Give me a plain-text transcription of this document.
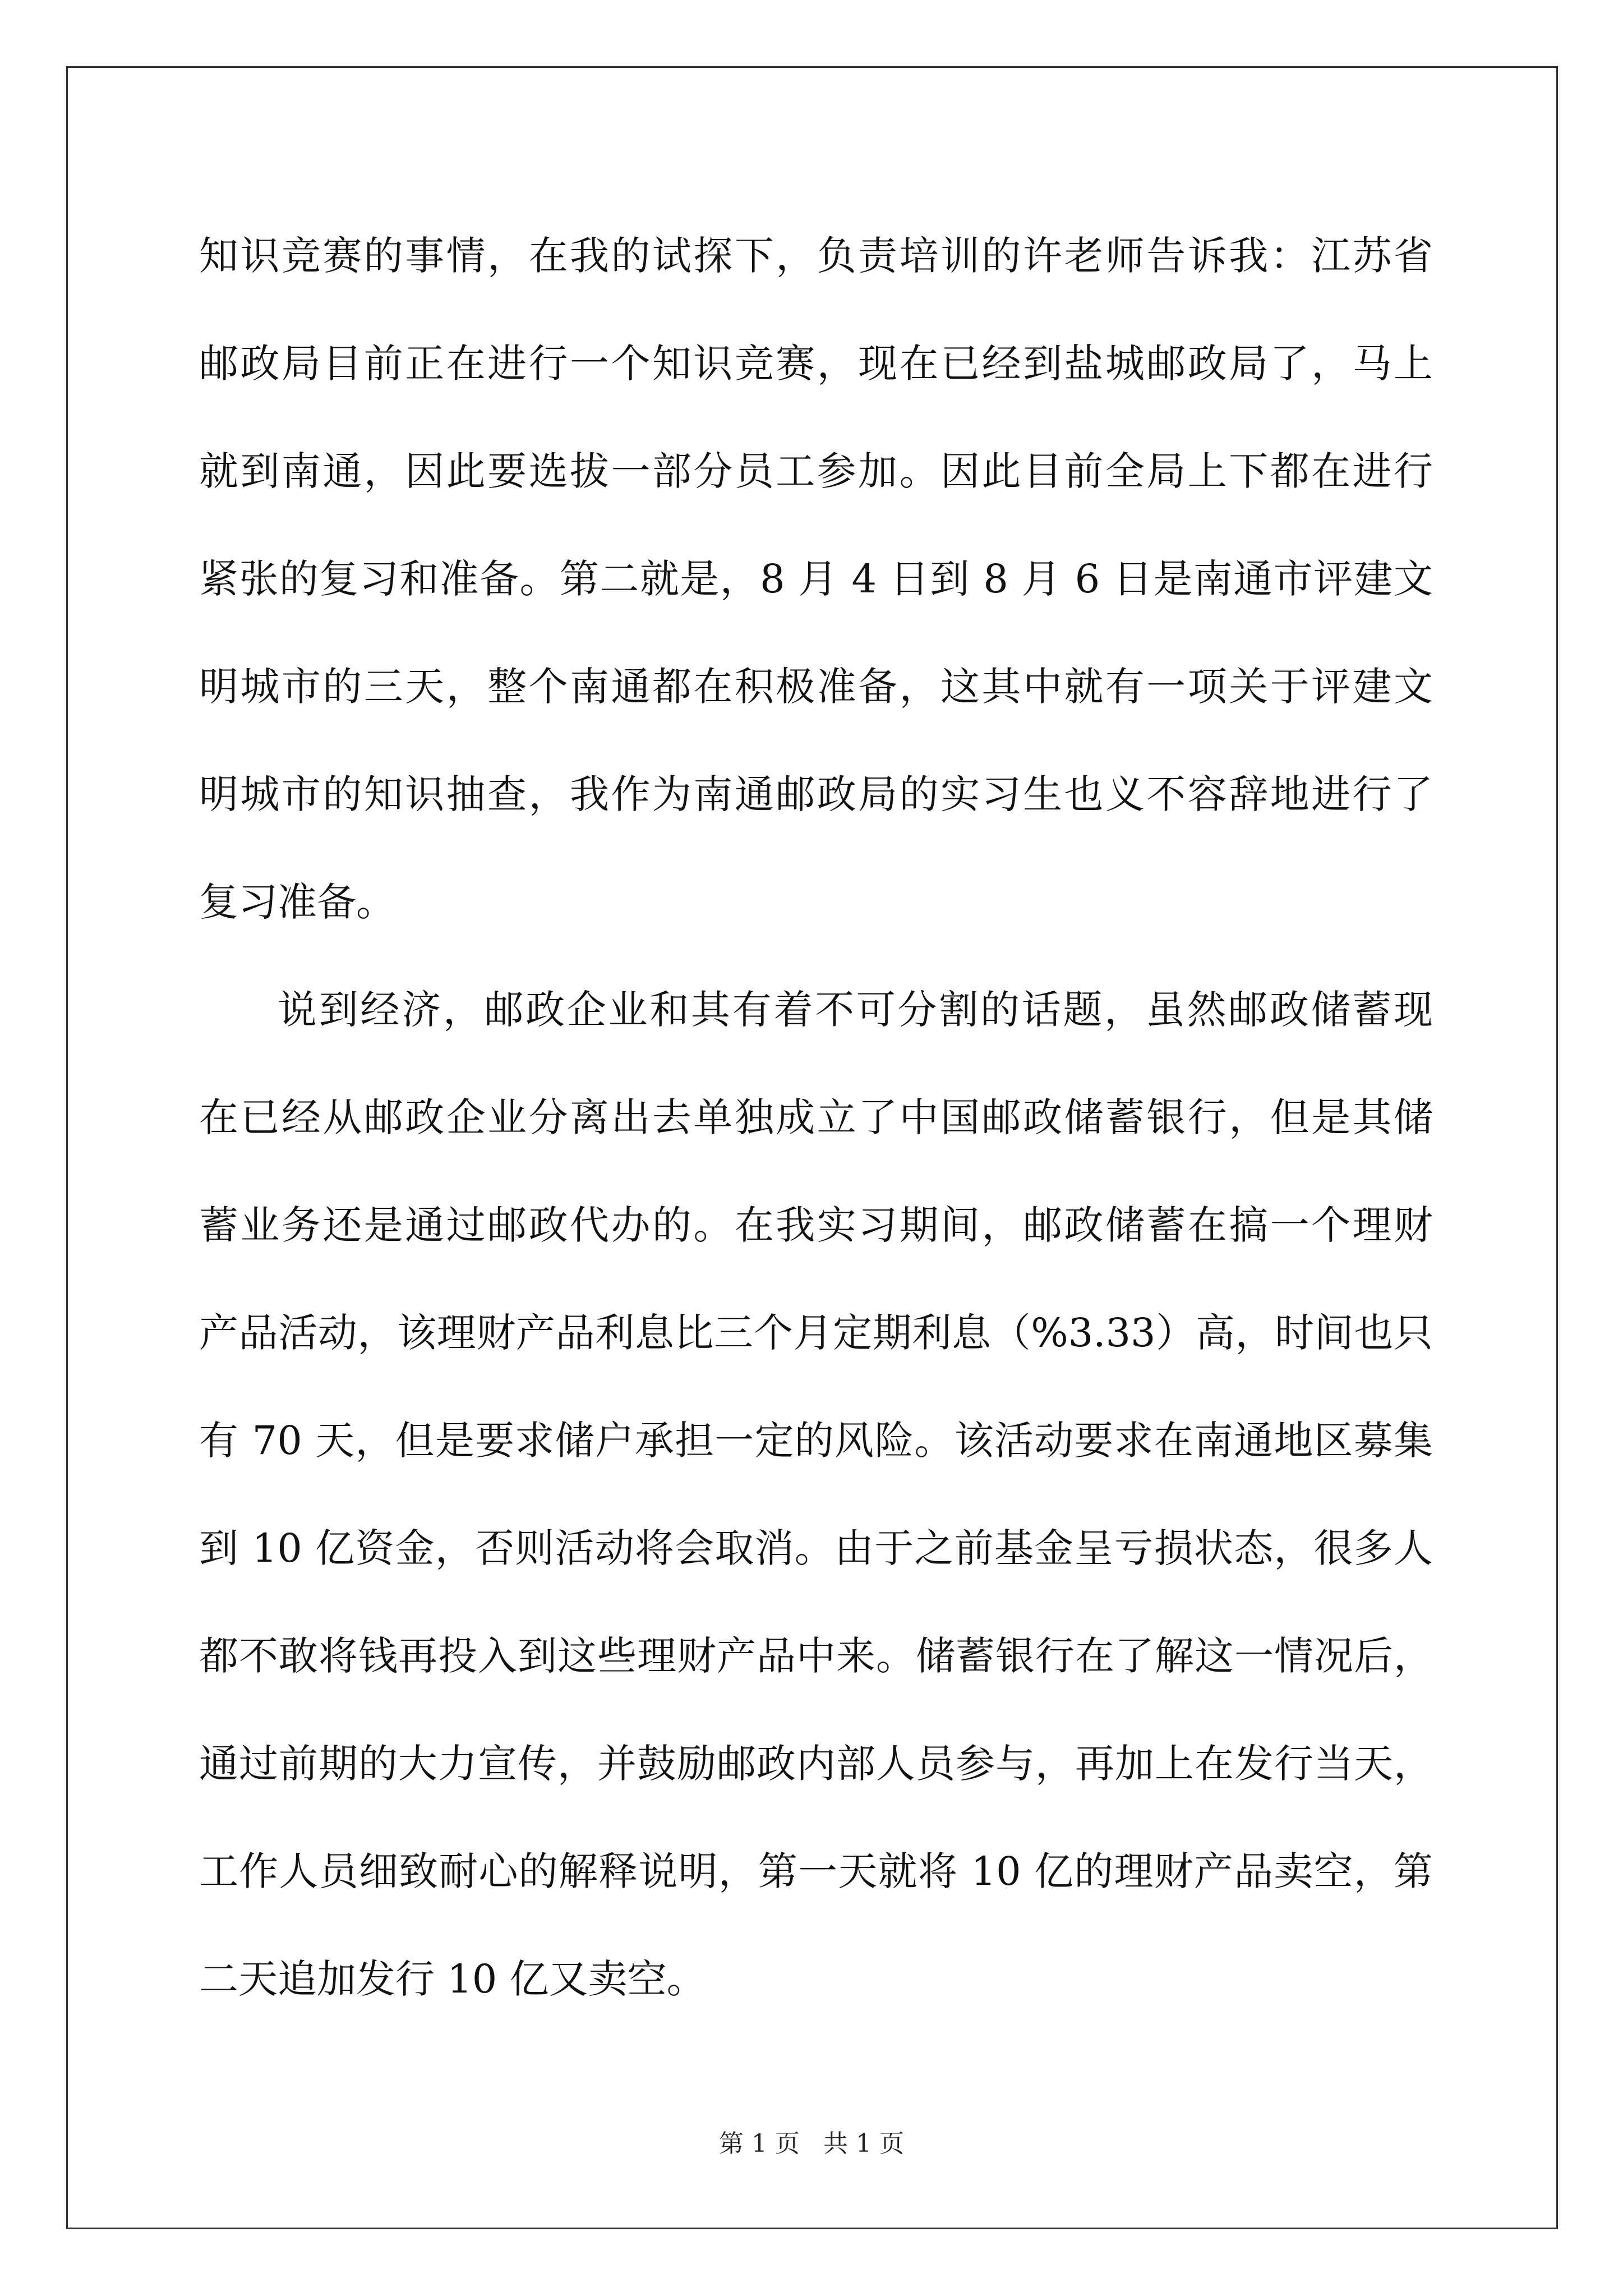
知识竞赛的事情，在我的试探下，负责培训的许老师告诉我：江苏省
邮政局目前正在进行一个知识竞赛，现在已经到盐城邮政局了，马上
就到南通，因此要选拔一部分员工参加。因此目前全局上下都在进行
紧张的复习和准备。第二就是，8 月 4 日到 8 月 6 日是南通市评建文
明城市的三天，整个南通都在积极准备，这其中就有一项关于评建文
明城市的知识抽查，我作为南通邮政局的实习生也义不容辞地进行了
复习准备。
说到经济，邮政企业和其有着不可分割的话题，虽然邮政储蓄现
在已经从邮政企业分离出去单独成立了中国邮政储蓄银行，但是其储
蓄业务还是通过邮政代办的。在我实习期间，邮政储蓄在搞一个理财
产品活动，该理财产品利息比三个月定期利息（%3.33）高，时间也只
有 70 天，但是要求储户承担一定的风险。该活动要求在南通地区募集
到 10 亿资金，否则活动将会取消。由于之前基金呈亏损状态，很多人
都不敢将钱再投入到这些理财产品中来。储蓄银行在了解这一情况后，
通过前期的大力宣传，并鼓励邮政内部人员参与，再加上在发行当天，
工作人员细致耐心的解释说明，第一天就将 10 亿的理财产品卖空，第
二天追加发行 10 亿又卖空。
第 1 页 共 1 页
